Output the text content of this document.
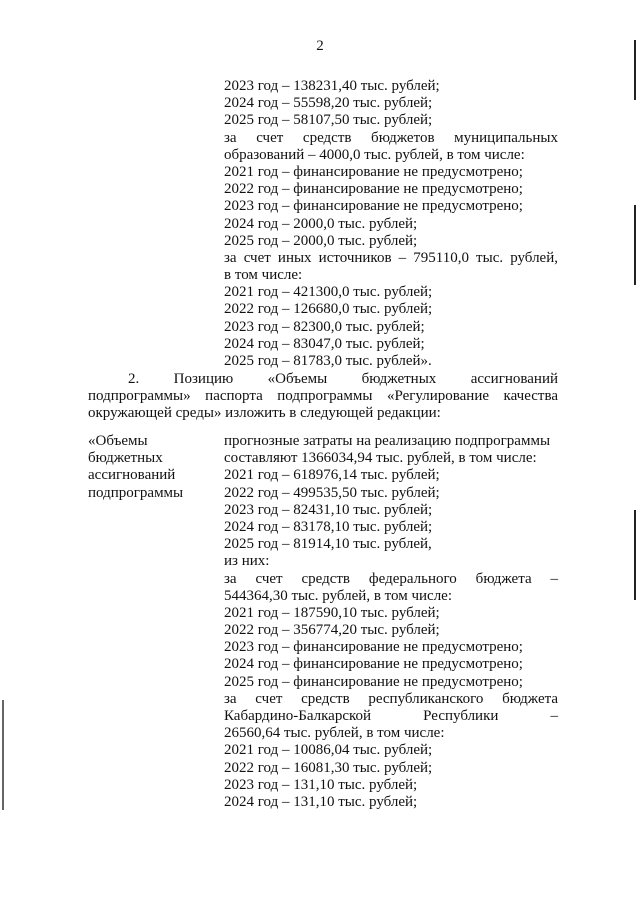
2
2023 год – 138231,40 тыс. рублей;
2024 год – 55598,20 тыс. рублей;
2025 год – 58107,50 тыс. рублей;
за счет средств бюджетов муниципальных
образований – 4000,0 тыс. рублей, в том числе:
2021 год – финансирование не предусмотрено;
2022 год – финансирование не предусмотрено;
2023 год – финансирование не предусмотрено;
2024 год – 2000,0 тыс. рублей;
2025 год – 2000,0 тыс. рублей;
за счет иных источников – 795110,0 тыс. рублей,
в том числе:
2021 год – 421300,0 тыс. рублей;
2022 год – 126680,0 тыс. рублей;
2023 год – 82300,0 тыс. рублей;
2024 год – 83047,0 тыс. рублей;
2025 год – 81783,0 тыс. рублей».
2. Позицию «Объемы бюджетных ассигнований
подпрограммы» паспорта подпрограммы «Регулирование качества
окружающей среды» изложить в следующей редакции:
«Объемы
бюджетных
ассигнований
подпрограммы
прогнозные затраты на реализацию подпрограммы
составляют 1366034,94 тыс. рублей, в том числе:
2021 год – 618976,14 тыс. рублей;
2022 год – 499535,50 тыс. рублей;
2023 год – 82431,10 тыс. рублей;
2024 год – 83178,10 тыс. рублей;
2025 год – 81914,10 тыс. рублей,
из них:
за счет средств федерального бюджета –
544364,30 тыс. рублей, в том числе:
2021 год – 187590,10 тыс. рублей;
2022 год – 356774,20 тыс. рублей;
2023 год – финансирование не предусмотрено;
2024 год – финансирование не предусмотрено;
2025 год – финансирование не предусмотрено;
за счет средств республиканского бюджета
Кабардино-Балкарской Республики –
26560,64 тыс. рублей, в том числе:
2021 год – 10086,04 тыс. рублей;
2022 год – 16081,30 тыс. рублей;
2023 год – 131,10 тыс. рублей;
2024 год – 131,10 тыс. рублей;
